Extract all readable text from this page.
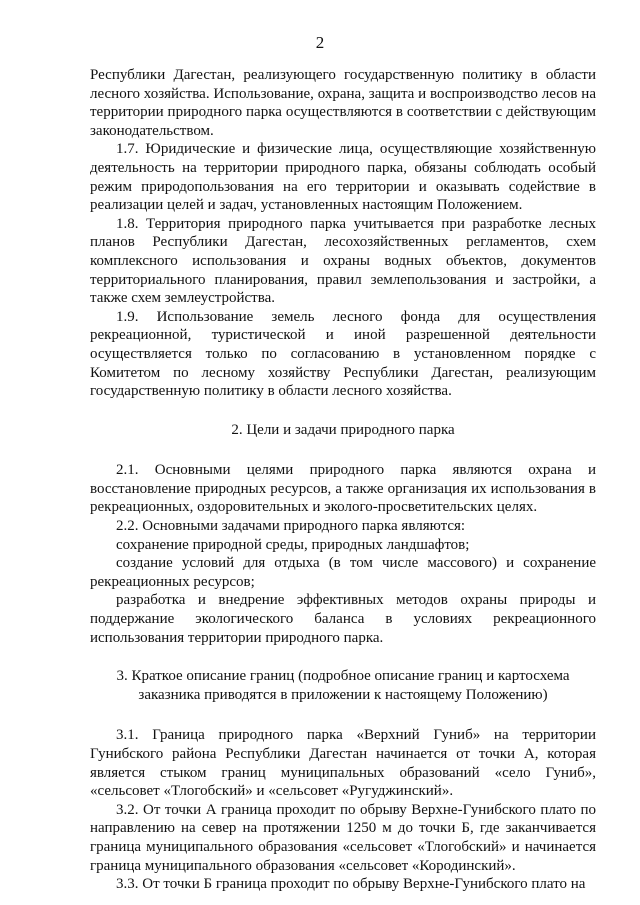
2

Республики Дагестан, реализующего государственную политику в области лесного хозяйства. Использование, охрана, защита и воспроизводство лесов на территории природного парка осуществляются в соответствии с действующим законодательством.

1.7. Юридические и физические лица, осуществляющие хозяйственную деятельность на территории природного парка, обязаны соблюдать особый режим природопользования на его территории и оказывать содействие в реализации целей и задач, установленных настоящим Положением.

1.8. Территория природного парка учитывается при разработке лесных планов Республики Дагестан, лесохозяйственных регламентов, схем комплексного использования и охраны водных объектов, документов территориального планирования, правил землепользования и застройки, а также схем землеустройства.

1.9. Использование земель лесного фонда для осуществления рекреационной, туристической и иной разрешенной деятельности осуществляется только по согласованию в установленном порядке с Комитетом по лесному хозяйству Республики Дагестан, реализующим государственную политику в области лесного хозяйства.

2. Цели и задачи природного парка

2.1. Основными целями природного парка являются охрана и восстановление природных ресурсов, а также организация их использования в рекреационных, оздоровительных и эколого-просветительских целях.

2.2. Основными задачами природного парка являются:

сохранение природной среды, природных ландшафтов;

создание условий для отдыха (в том числе массового) и сохранение рекреационных ресурсов;

разработка и внедрение эффективных методов охраны природы и поддержание экологического баланса в условиях рекреационного использования территории природного парка.

3. Краткое описание границ (подробное описание границ и картосхема

заказника приводятся в приложении к настоящему Положению)

3.1. Граница природного парка «Верхний Гуниб» на территории Гунибского района Республики Дагестан начинается от точки А, которая является стыком границ муниципальных образований «село Гуниб», «сельсовет «Тлогобский» и «сельсовет «Ругуджинский».

3.2. От точки А граница проходит по обрыву Верхне-Гунибского плато по направлению на север на протяжении 1250 м до точки Б, где заканчивается граница муниципального образования «сельсовет «Тлогобский» и начинается граница муниципального образования «сельсовет «Кородинский».

3.3. От точки Б граница проходит по обрыву Верхне-Гунибского плато на
